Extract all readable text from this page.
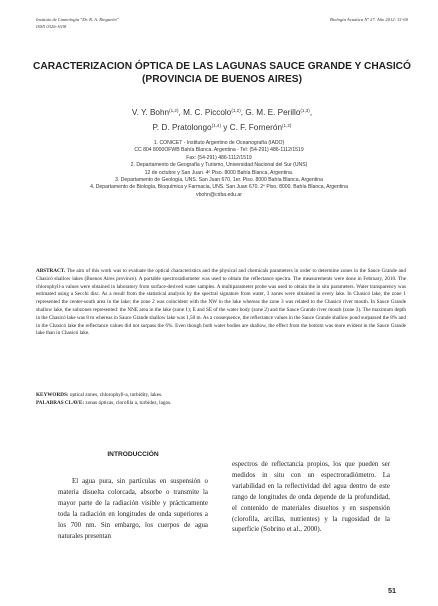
Instituto de Limnología "Dr. R. A. Ringuelet"
ISSN 0326-1638
Biología Acuática Nº 27. Año 2012: 51-60
CARACTERIZACION ÓPTICA DE LAS LAGUNAS SAUCE GRANDE Y CHASICÓ (PROVINCIA DE BUENOS AIRES)
V. Y. Bohn$^{(1,2)}$, M. C. Piccolo$^{(1,2)}$, G. M. E. Perillo$^{(1,3)}$,
P. D. Pratolongo$^{(1,4)}$ y C. F. Fornerón$^{(1,2)}$
1. CONICET - Instituto Argentino de Oceanografía (IADO)
CC 804 8000OFWB Bahía Blanca. Argentina - Tel: (54-291) 486-1112/1519
Fax: (54-291) 486-1112/1519
2. Departamento de Geografía y Turismo, Universidad Nacional del Sur (UNS)
12 de octubre y San Juan. 4º Piso. 8000 Bahía Blanca, Argentina.
3. Departamento de Geología, UNS. San Juan 670. 1er. Piso. 8000 Bahía Blanca, Argentina
4. Departamento de Biología, Bioquímica y Farmacia, UNS. San Juan 670. 2º Piso. 8000. Bahía Blanca, Argentina
vbohn@criba.edu.ar
ABSTRACT. The aim of this work was to evaluate the optical characteristics and the physical and chemicals parameters in order to determine zones in the Sauce Grande and Chasicó shallow lakes (Buenos Aires province). A portable spectroradiometer was used to obtain the reflectance spectra. The measurements were done in February, 2010. The chlorophyll-a values were obtained in laboratory from surface-derived water samples. A multiparameter probe was used to obtain the in situ parameters. Water transparency was estimated using a Secchi disc. As a result from the statistical analysis by the spectral signature from water, 3 zones were obtained in every lake. In Chasicó lake, the zone 1 represented the center-south area in the lake; the zone 2 was coincident with the NW in the lake whereas the zone 3 was related to the Chasicó river mouth. In Sauce Grande shallow lake, the subzones represented: the NNE area in the lake (zone 1); E and SE of the water body (zone 2) and the Sauce Grande river mouth (zone 3). The maximum depth in the Chasicó lake was 8 m whereas in Sauce Grande shallow lake was 1,50 m. As a consequence, the reflectance values in the Sauce Grande shallow pond surpassed the 8% and in the Chasicó lake the reflectance values did not surpass the 6%. Even though both water bodies are shallow, the effect from the bottom was more evident in the Sauce Grande lake than in Chasicó lake.
KEYWORDS: optical zones, chlorophyll-a, turbidity, lakes.
PALABRAS CLAVE: zonas ópticas, clorofila a, turbidez, lagos.
INTRODUCCIÓN

El agua pura, sin partículas en suspensión o materia disuelta colorcada, absorbe o transmite la mayor parte de la radiación visible y prácticamente toda la radiación en longitudes de onda superiores a los 700 nm. Sin embargo, los cuerpos de agua naturales presentan

espectros de reflectancia propios, los que pueden ser medidos in situ con un espectroradiómetro. La variabilidad en la reflectividad del agua dentro de este rango de longitudes de onda depende de la profundidad, el contenido de materiales disueltos y en suspensión (clorofila, arcillas, nutrientes) y la rugosidad de la superficie (Sobrino et al., 2000).

51
